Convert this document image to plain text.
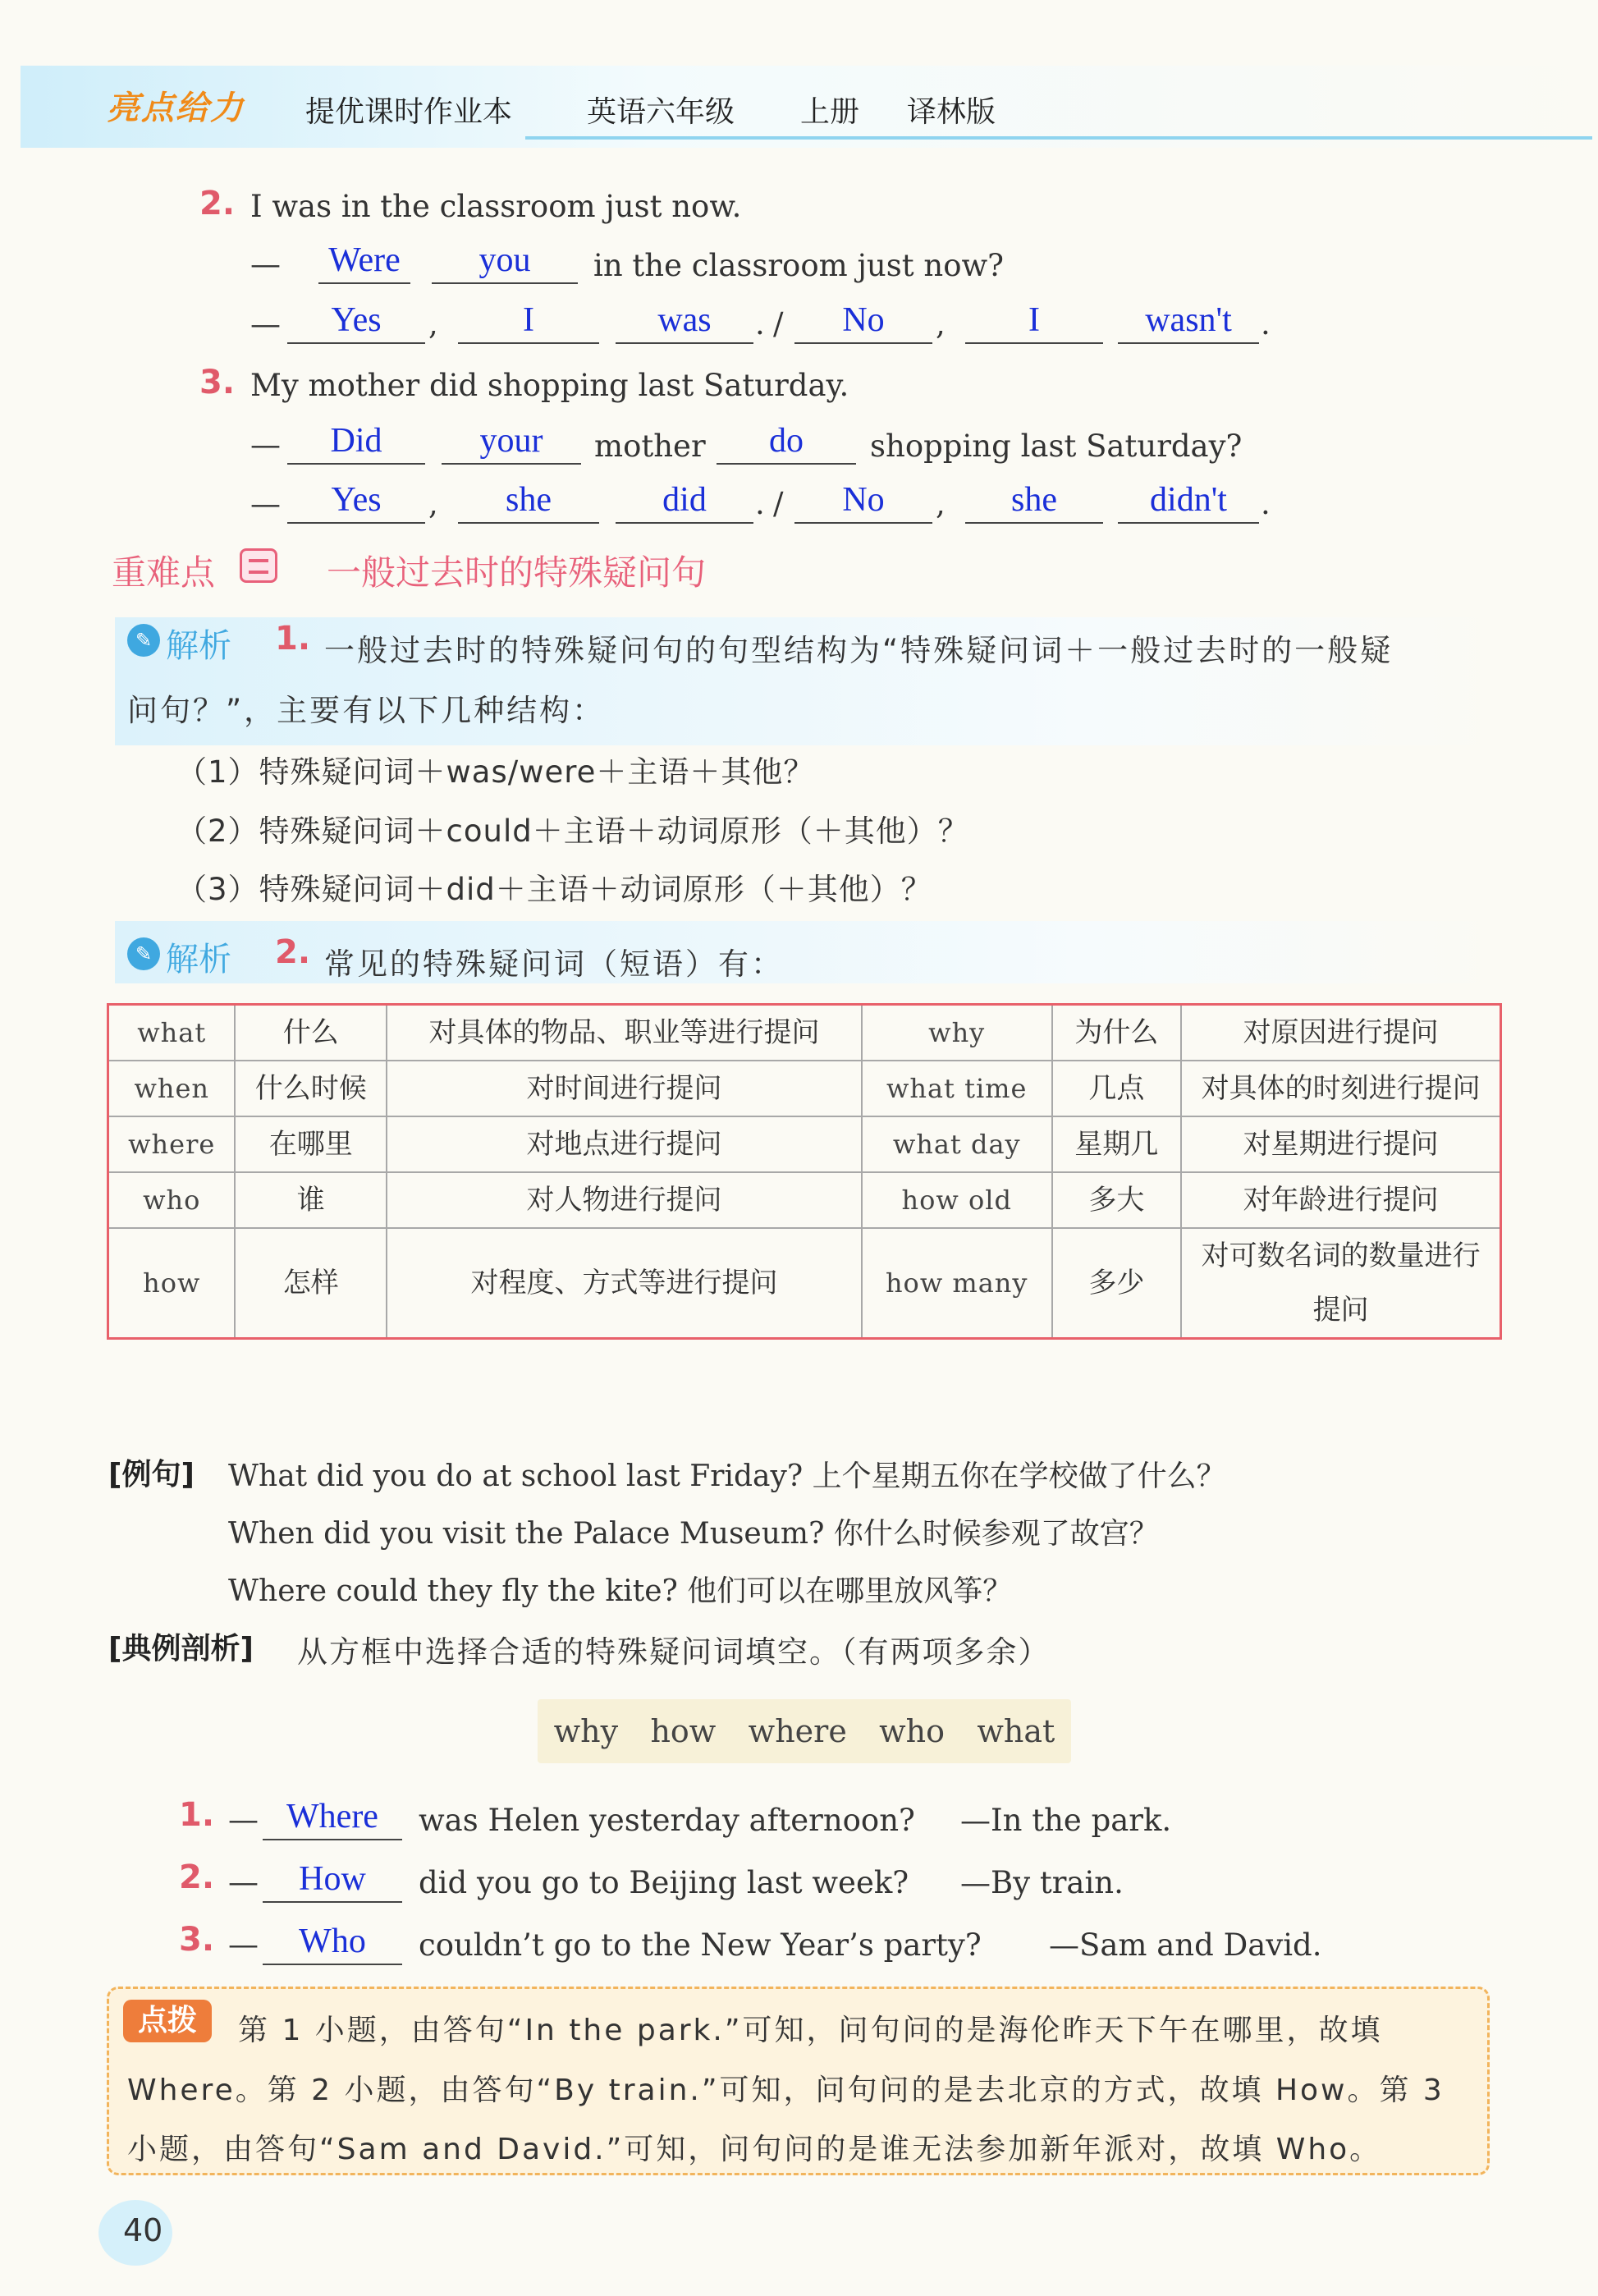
亮点给力 提优课时作业本	英语六年级 上册 译林版
2. I was in the classroom just now.
— Were	you	in the classroom just now?
—	Yes	,	I	was	. /	No	,	I	wasn't .
3. My mother did shopping last Saturday.
—	Did	your	mother	do	shopping last Saturday?
—	Yes	,	she	did	. /	No	,	she	didn't	.
重难点	一般过去时的特殊疑问句
✎ 解析 1. 一般过去时的特殊疑问句的句型结构为“特殊疑问词＋一般过去时的一般疑
问句？”，主要有以下几种结构：
（1）特殊疑问词＋was/were＋主语＋其他？
（2）特殊疑问词＋could＋主语＋动词原形（＋其他）？
（3）特殊疑问词＋did＋主语＋动词原形（＋其他）？
✎ 解析 2. 常见的特殊疑问词（短语）有：
what	什么	对具体的物品、职业等进行提问	why	为什么	对原因进行提问
when	什么时候	对时间进行提问	what time	几点	对具体的时刻进行提问
where	在哪里	对地点进行提问	what day	星期几	对星期进行提问
who	谁	对人物进行提问	how old	多大	对年龄进行提问
how	怎样	对程度、方式等进行提问	how many	多少	对可数名词的数量进行提问
[例句] What did you do at school last Friday? 上个星期五你在学校做了什么？
When did you visit the Palace Museum? 你什么时候参观了故宫？
Where could they fly the kite? 他们可以在哪里放风筝？
[典例剖析] 从方框中选择合适的特殊疑问词填空。（有两项多余）
why how where who what
1. — Where	was Helen yesterday afternoon? —In the park.
2. —	How	did you go to Beijing last week? —By train.
3. —	Who	couldn’t go to the New Year’s party? —Sam and David.
点拨	第 1 小题，由答句“In the park.”可知，问句问的是海伦昨天下午在哪里，故填
Where。第 2 小题，由答句“By train.”可知，问句问的是去北京的方式，故填 How。第 3
小题，由答句“Sam and David.”可知，问句问的是谁无法参加新年派对，故填 Who。
40
